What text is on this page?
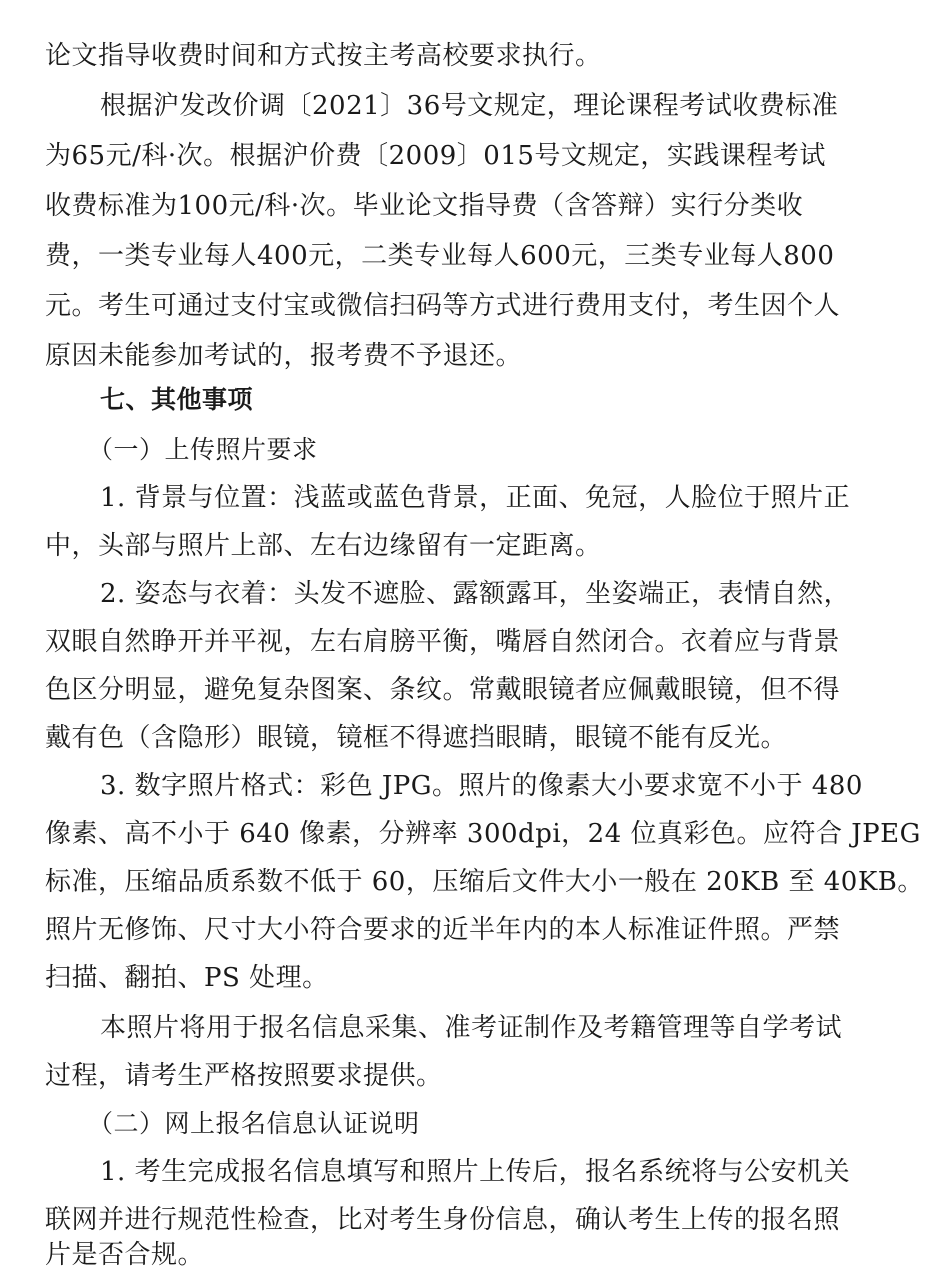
论文指导收费时间和方式按主考高校要求执行。
根据沪发改价调〔2021〕36号文规定，理论课程考试收费标准
为65元/科·次。根据沪价费〔2009〕015号文规定，实践课程考试
收费标准为100元/科·次。毕业论文指导费（含答辩）实行分类收
费，一类专业每人400元，二类专业每人600元，三类专业每人800
元。考生可通过支付宝或微信扫码等方式进行费用支付，考生因个人
原因未能参加考试的，报考费不予退还。
七、其他事项
（一）上传照片要求
1. 背景与位置：浅蓝或蓝色背景，正面、免冠，人脸位于照片正
中，头部与照片上部、左右边缘留有一定距离。
2. 姿态与衣着：头发不遮脸、露额露耳，坐姿端正，表情自然，
双眼自然睁开并平视，左右肩膀平衡，嘴唇自然闭合。衣着应与背景
色区分明显，避免复杂图案、条纹。常戴眼镜者应佩戴眼镜，但不得
戴有色（含隐形）眼镜，镜框不得遮挡眼睛，眼镜不能有反光。
3. 数字照片格式：彩色 JPG。照片的像素大小要求宽不小于 480
像素、高不小于 640 像素，分辨率 300dpi，24 位真彩色。应符合 JPEG
标准，压缩品质系数不低于 60，压缩后文件大小一般在 20KB 至 40KB。
照片无修饰、尺寸大小符合要求的近半年内的本人标准证件照。严禁
扫描、翻拍、PS 处理。
本照片将用于报名信息采集、准考证制作及考籍管理等自学考试
过程，请考生严格按照要求提供。
（二）网上报名信息认证说明
1. 考生完成报名信息填写和照片上传后，报名系统将与公安机关
联网并进行规范性检查，比对考生身份信息，确认考生上传的报名照
片是否合规。
